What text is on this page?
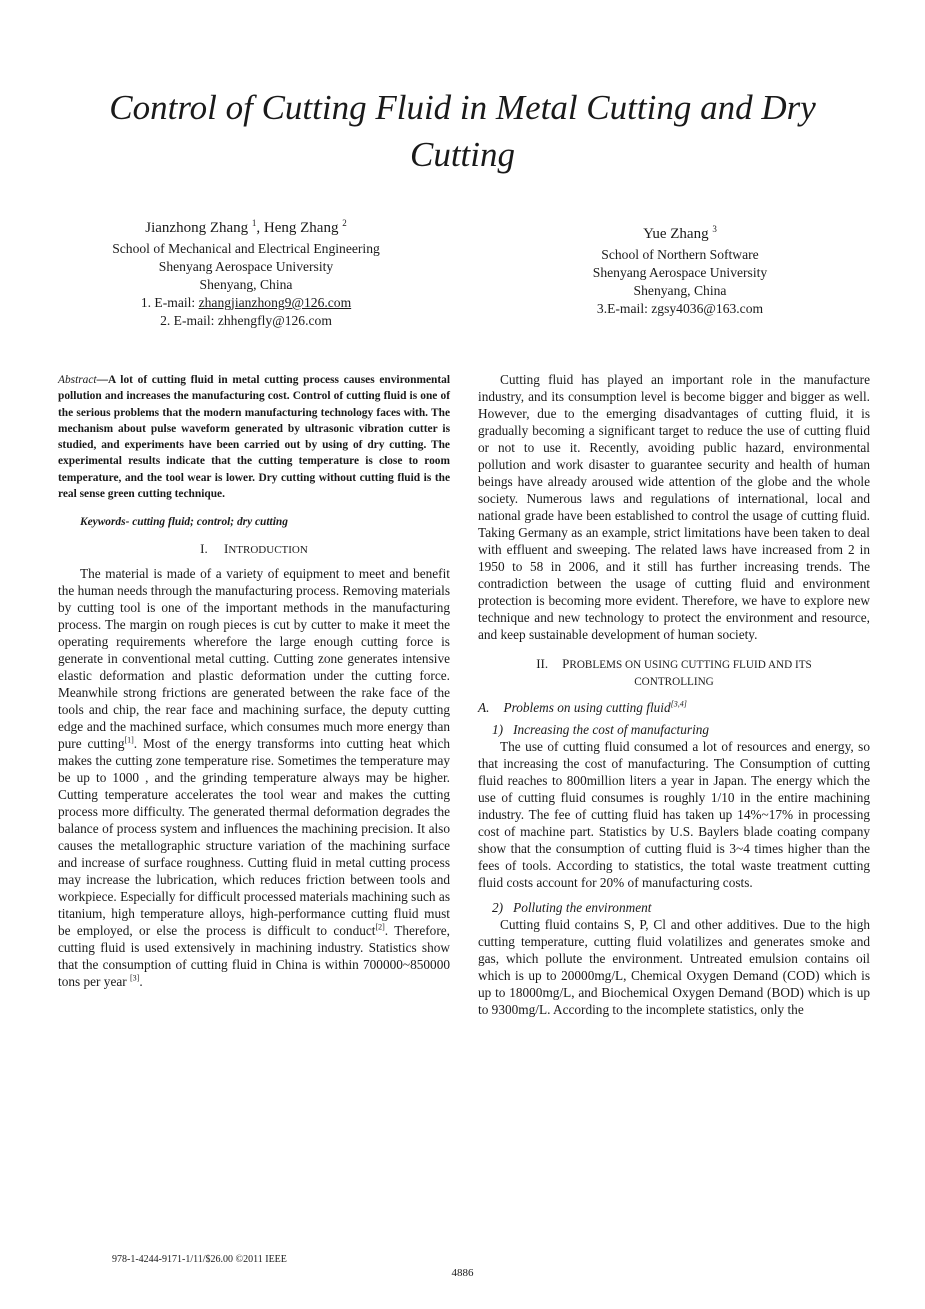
Control of Cutting Fluid in Metal Cutting and Dry Cutting
Jianzhong Zhang $^1$, Heng Zhang $^2$
School of Mechanical and Electrical Engineering
Shenyang Aerospace University
Shenyang, China
1. E-mail: zhangjianzhong9@126.com
2. E-mail: zhhengfly@126.com
Yue Zhang $^3$
School of Northern Software
Shenyang Aerospace University
Shenyang, China
3.E-mail: zgsy4036@163.com

Abstract—A lot of cutting fluid in metal cutting process causes environmental pollution and increases the manufacturing cost. Control of cutting fluid is one of the serious problems that the modern manufacturing technology faces with. The mechanism about pulse waveform generated by ultrasonic vibration cutter is studied, and experiments have been carried out by using of dry cutting. The experimental results indicate that the cutting temperature is close to room temperature, and the tool wear is lower. Dry cutting without cutting fluid is the real sense green cutting technique.

Keywords- cutting fluid; control; dry cutting

I. INTRODUCTION

The material is made of a variety of equipment to meet and benefit the human needs through the manufacturing process. Removing materials by cutting tool is one of the important methods in the manufacturing process. The margin on rough pieces is cut by cutter to make it meet the operating requirements wherefore the large enough cutting force is generate in conventional metal cutting. Cutting zone generates intensive elastic deformation and plastic deformation under the cutting force. Meanwhile strong frictions are generated between the rake face of the tools and chip, the rear face and machining surface, the deputy cutting edge and the machined surface, which consumes much more energy than pure cutting[1]. Most of the energy transforms into cutting heat which makes the cutting zone temperature rise. Sometimes the temperature may be up to 1000 , and the grinding temperature always may be higher. Cutting temperature accelerates the tool wear and makes the cutting process more difficulty. The generated thermal deformation degrades the balance of process system and influences the machining precision. It also causes the metallographic structure variation of the machining surface and increase of surface roughness. Cutting fluid in metal cutting process may increase the lubrication, which reduces friction between tools and workpiece. Especially for difficult processed materials machining such as titanium, high temperature alloys, high-performance cutting fluid must be employed, or else the process is difficult to conduct[2]. Therefore, cutting fluid is used extensively in machining industry. Statistics show that the consumption of cutting fluid in China is within 700000~850000 tons per year [3].

Cutting fluid has played an important role in the manufacture industry, and its consumption level is become bigger and bigger as well. However, due to the emerging disadvantages of cutting fluid, it is gradually becoming a significant target to reduce the use of cutting fluid or not to use it. Recently, avoiding public hazard, environmental pollution and work disaster to guarantee security and health of human beings have already aroused wide attention of the globe and the whole society. Numerous laws and regulations of international, local and national grade have been established to control the usage of cutting fluid. Taking Germany as an example, strict limitations have been taken to deal with effluent and sweeping. The related laws have increased from 2 in 1950 to 58 in 2006, and it still has further increasing trends. The contradiction between the usage of cutting fluid and environment protection is becoming more evident. Therefore, we have to explore new technique and new technology to protect the environment and resource, and keep sustainable development of human society.

II. PROBLEMS ON USING CUTTING FLUID AND ITS
CONTROLLING
A. Problems on using cutting fluid[3,4]

1) Increasing the cost of manufacturing

The use of cutting fluid consumed a lot of resources and energy, so that increasing the cost of manufacturing. The Consumption of cutting fluid reaches to 800million liters a year in Japan. The energy which the use of cutting fluid consumes is roughly 1/10 in the entire machining industry. The fee of cutting fluid has taken up 14%~17% in processing cost of machine part. Statistics by U.S. Baylers blade coating company show that the consumption of cutting fluid is 3~4 times higher than the fees of tools. According to statistics, the total waste treatment cutting fluid costs account for 20% of manufacturing costs.

2) Polluting the environment

Cutting fluid contains S, P, Cl and other additives. Due to the high cutting temperature, cutting fluid volatilizes and generates smoke and gas, which pollute the environment. Untreated emulsion contains oil which is up to 20000mg/L, Chemical Oxygen Demand (COD) which is up to 18000mg/L, and Biochemical Oxygen Demand (BOD) which is up to 9300mg/L. According to the incomplete statistics, only the

978-1-4244-9171-1/11/$26.00 ©2011 IEEE
4886
